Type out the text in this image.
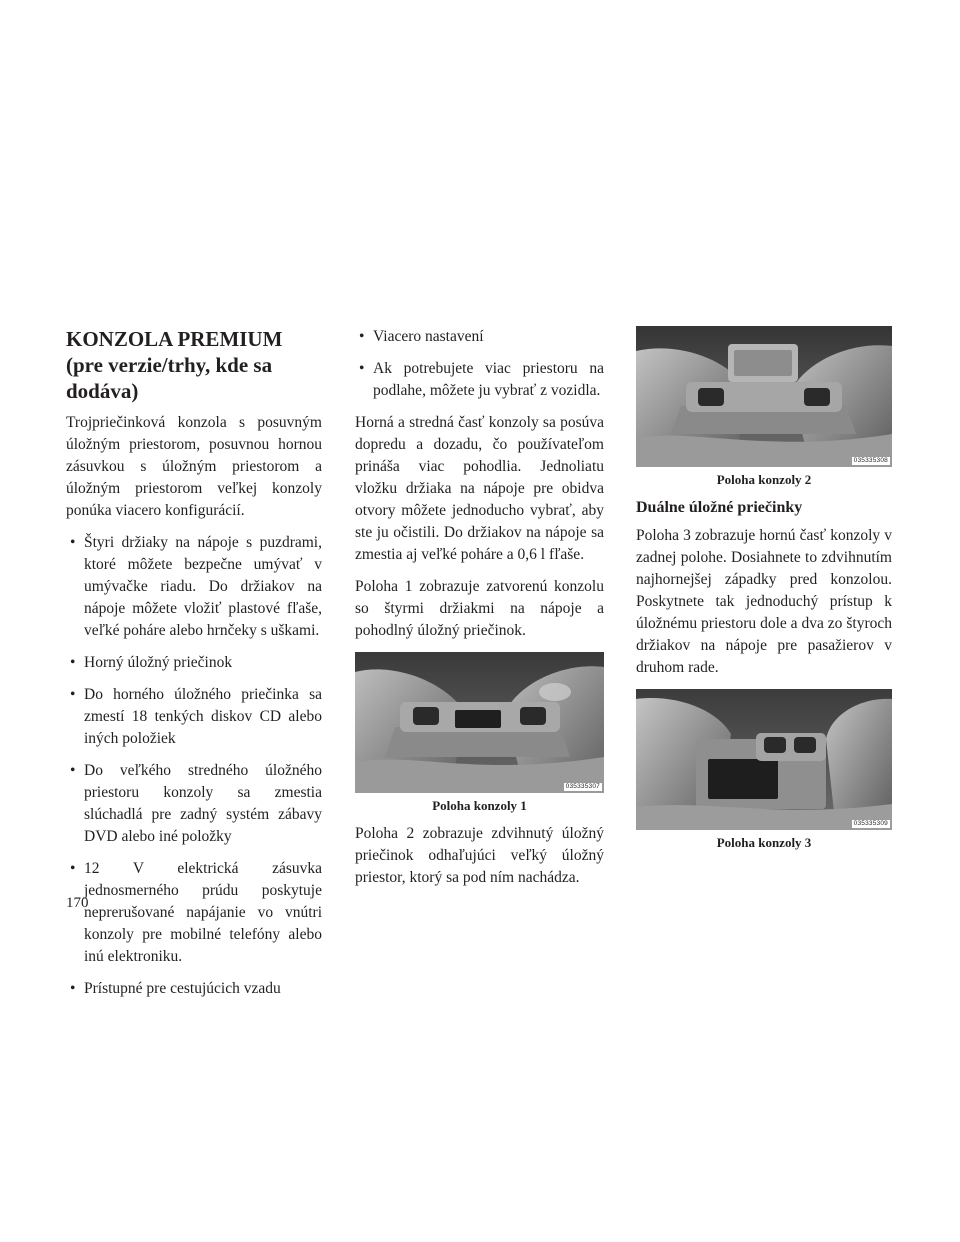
KONZOLA PREMIUM (pre verzie/trhy, kde sa dodáva)

Trojpriečinková konzola s posuvným úložným priestorom, posuvnou hornou zásuvkou s úložným priestorom a úložným priestorom veľkej konzoly ponúka viacero konfigurácií.

• Štyri držiaky na nápoje s puzdrami, ktoré môžete bezpečne umývať v umývačke riadu. Do držiakov na nápoje môžete vložiť plastové fľaše, veľké poháre alebo hrnčeky s uškami.
• Horný úložný priečinok
• Do horného úložného priečinka sa zmestí 18 tenkých diskov CD alebo iných položiek
• Do veľkého stredného úložného priestoru konzoly sa zmestia slúchadlá pre zadný systém zábavy DVD alebo iné položky
• 12 V elektrická zásuvka jednosmerného prúdu poskytuje neprerušované napájanie vo vnútri konzoly pre mobilné telefóny alebo inú elektroniku.
• Prístupné pre cestujúcich vzadu
• Viacero nastavení
• Ak potrebujete viac priestoru na podlahe, môžete ju vybrať z vozidla.

Horná a stredná časť konzoly sa posúva dopredu a dozadu, čo používateľom prináša viac pohodlia. Jednoliatu vložku držiaka na nápoje pre obidva otvory môžete jednoducho vybrať, aby ste ju očistili. Do držiakov na nápoje sa zmestia aj veľké poháre a 0,6 l fľaše.

Poloha 1 zobrazuje zatvorenú konzolu so štyrmi držiakmi na nápoje a pohodlný úložný priečinok.

035335307
Poloha konzoly 1

Poloha 2 zobrazuje zdvihnutý úložný priečinok odhaľujúci veľký úložný priestor, ktorý sa pod ním nachádza.

035335308
Poloha konzoly 2
Duálne úložné priečinky

Poloha 3 zobrazuje hornú časť konzoly v zadnej polohe. Dosiahnete to zdvihnutím najhornejšej západky pred konzolou. Poskytnete tak jednoduchý prístup k úložnému priestoru dole a dva zo štyroch držiakov na nápoje pre pasažierov v druhom rade.

035335309
Poloha konzoly 3
170
